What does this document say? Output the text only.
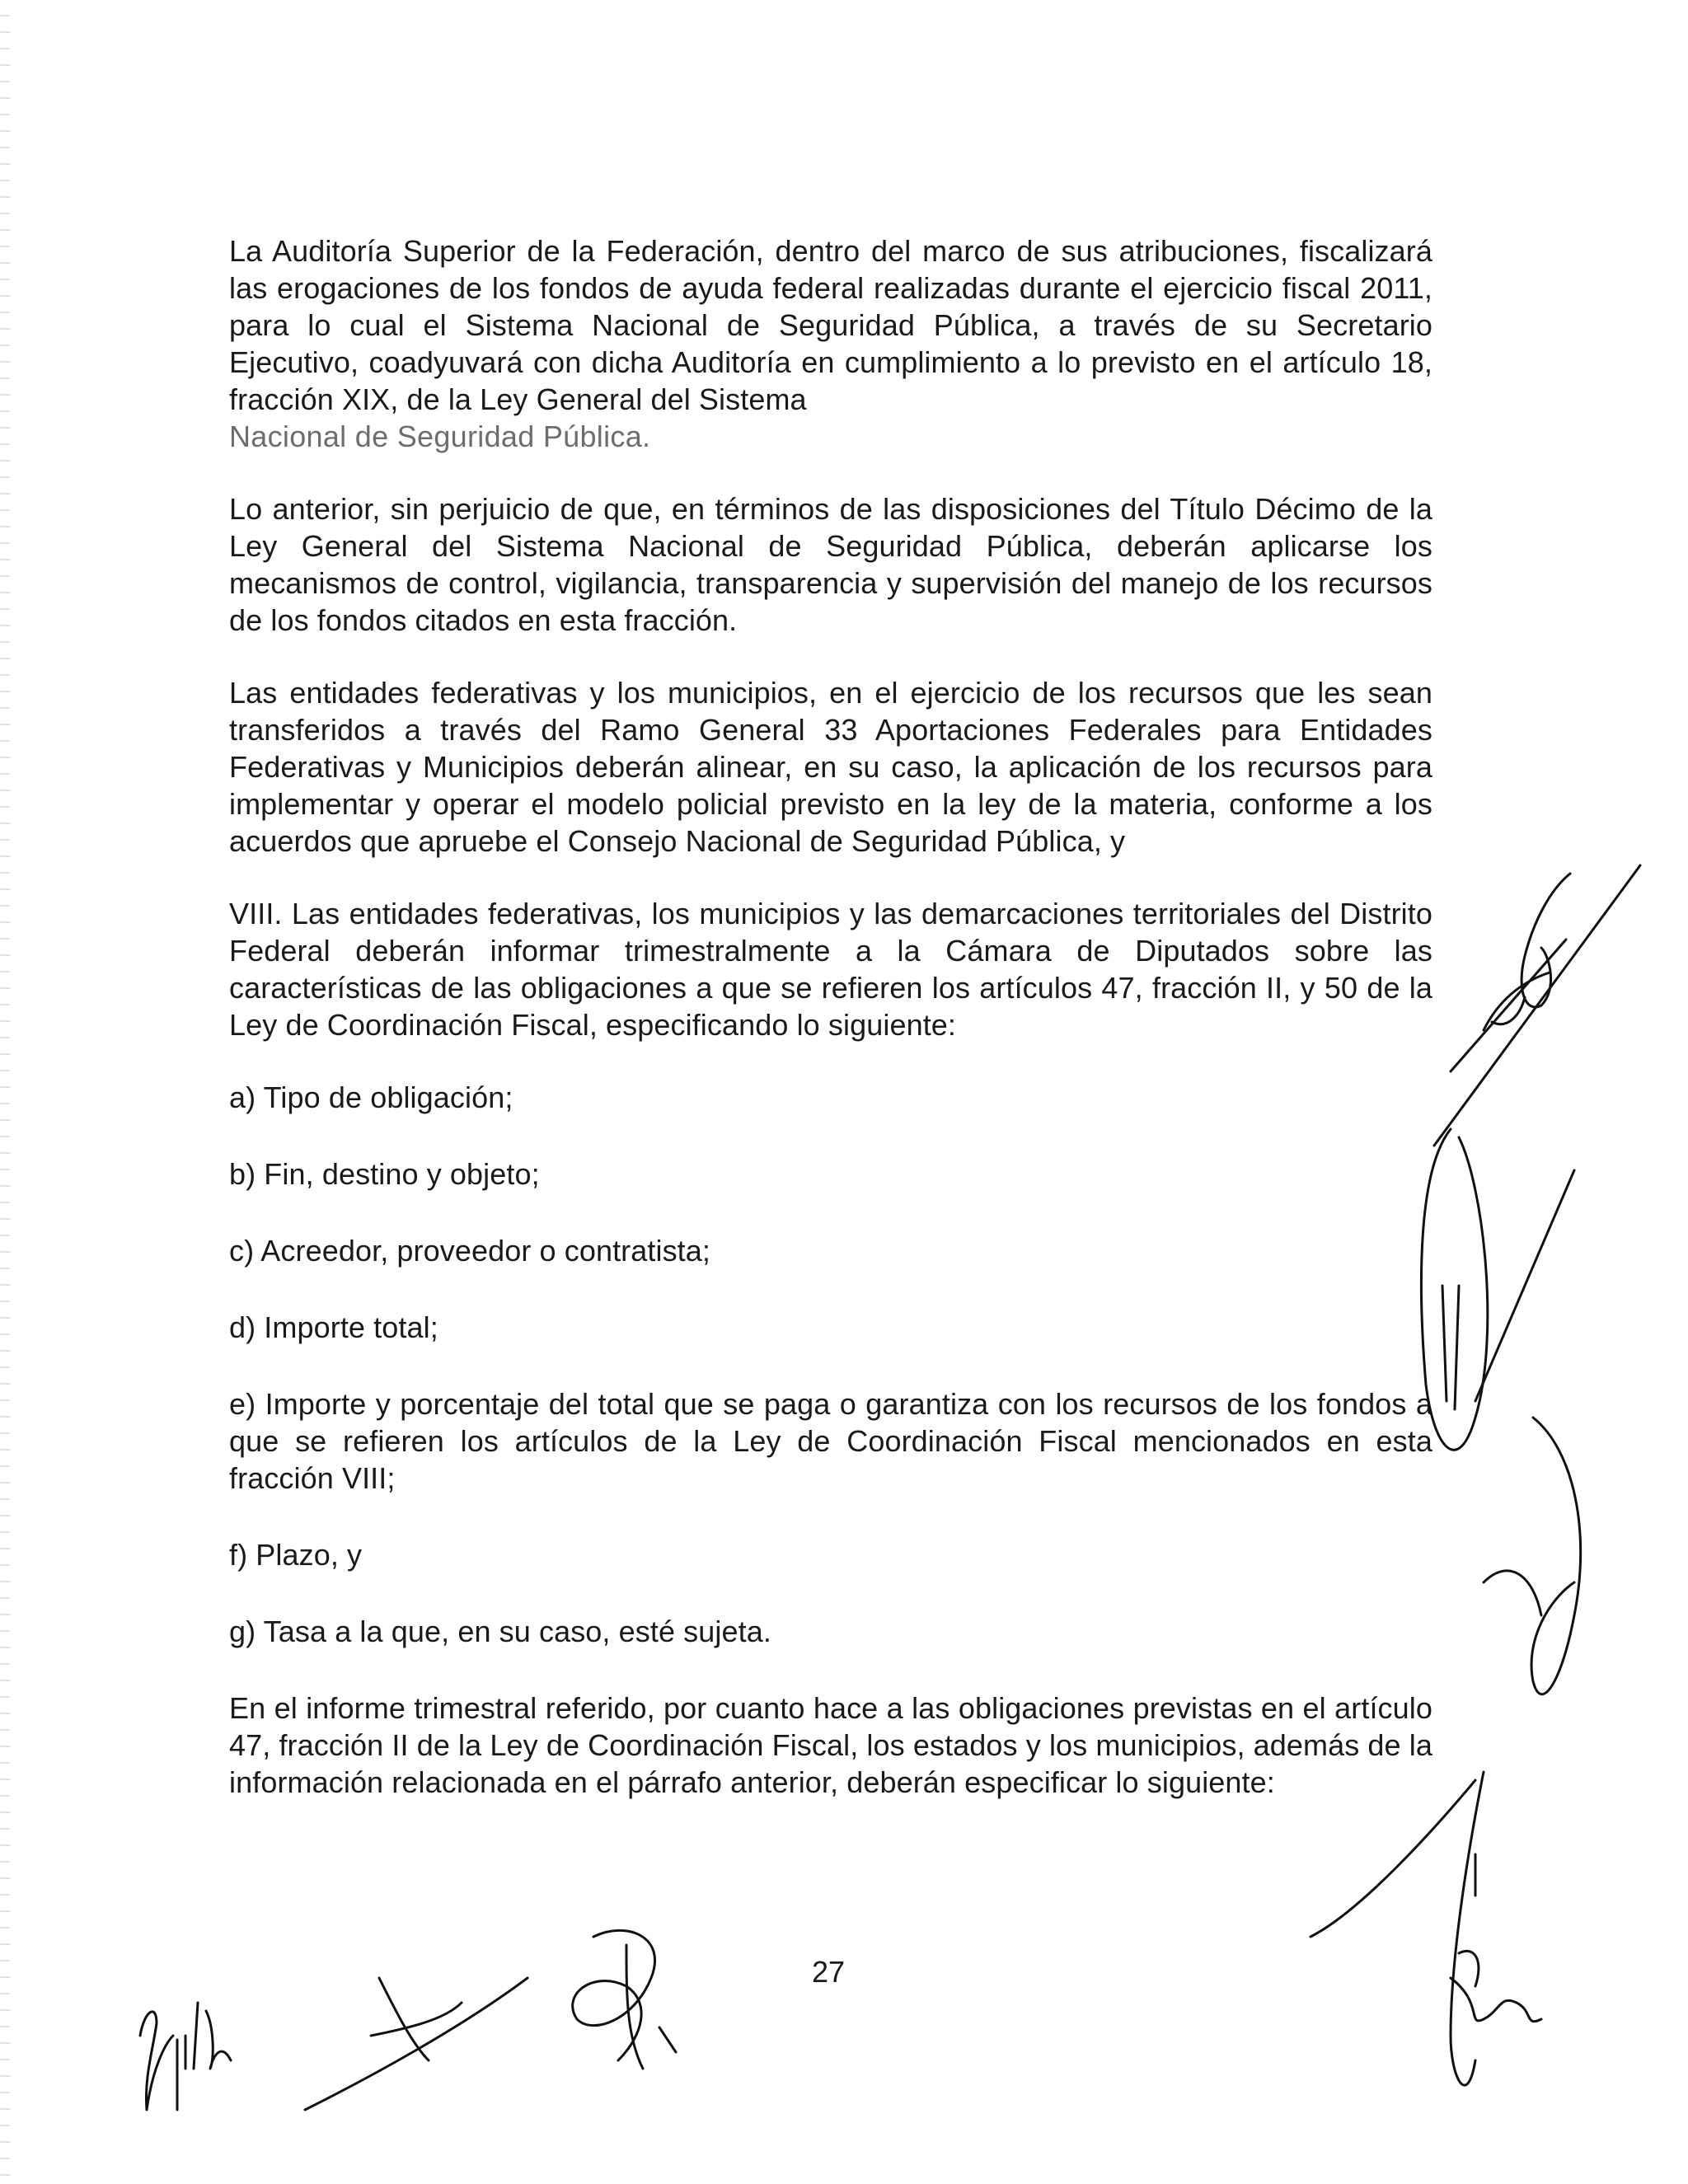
La Auditoría Superior de la Federación, dentro del marco de sus atribuciones, fiscalizará las erogaciones de los fondos de ayuda federal realizadas durante el ejercicio fiscal 2011, para lo cual el Sistema Nacional de Seguridad Pública, a través de su Secretario Ejecutivo, coadyuvará con dicha Auditoría en cumplimiento a lo previsto en el artículo 18, fracción XIX, de la Ley General del Sistema

Nacional de Seguridad Pública.

Lo anterior, sin perjuicio de que, en términos de las disposiciones del Título Décimo de la Ley General del Sistema Nacional de Seguridad Pública, deberán aplicarse los mecanismos de control, vigilancia, transparencia y supervisión del manejo de los recursos de los fondos citados en esta fracción.

Las entidades federativas y los municipios, en el ejercicio de los recursos que les sean transferidos a través del Ramo General 33 Aportaciones Federales para Entidades Federativas y Municipios deberán alinear, en su caso, la aplicación de los recursos para implementar y operar el modelo policial previsto en la ley de la materia, conforme a los acuerdos que apruebe el Consejo Nacional de Seguridad Pública, y

VIII. Las entidades federativas, los municipios y las demarcaciones territoriales del Distrito Federal deberán informar trimestralmente a la Cámara de Diputados sobre las características de las obligaciones a que se refieren los artículos 47, fracción II, y 50 de la Ley de Coordinación Fiscal, especificando lo siguiente:

a) Tipo de obligación;

b) Fin, destino y objeto;

c) Acreedor, proveedor o contratista;

d) Importe total;

e) Importe y porcentaje del total que se paga o garantiza con los recursos de los fondos a que se refieren los artículos de la Ley de Coordinación Fiscal mencionados en esta fracción VIII;

f) Plazo, y

g) Tasa a la que, en su caso, esté sujeta.

En el informe trimestral referido, por cuanto hace a las obligaciones previstas en el artículo 47, fracción II de la Ley de Coordinación Fiscal, los estados y los municipios, además de la información relacionada en el párrafo anterior, deberán especificar lo siguiente:

27
